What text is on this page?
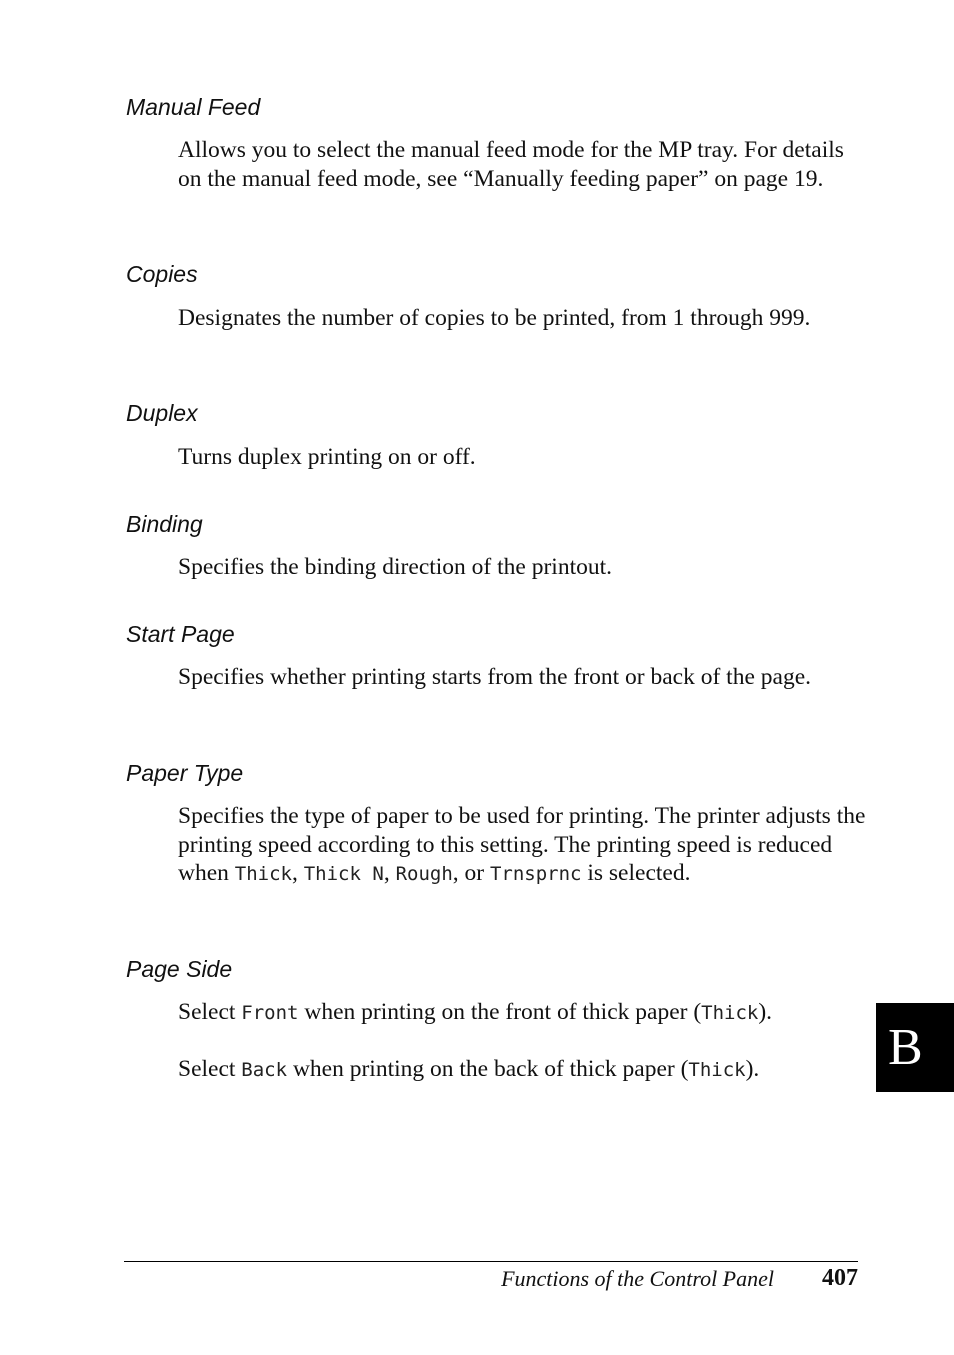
Manual Feed

Allows you to select the manual feed mode for the MP tray. For details on the manual feed mode, see “Manually feeding paper” on page 19.

Copies

Designates the number of copies to be printed, from 1 through 999.

Duplex

Turns duplex printing on or off.

Binding

Specifies the binding direction of the printout.

Start Page

Specifies whether printing starts from the front or back of the page.

Paper Type

Specifies the type of paper to be used for printing. The printer adjusts the printing speed according to this setting. The printing speed is reduced when Thick, Thick N, Rough, or Trnsprnc is selected.

Page Side

Select Front when printing on the front of thick paper (Thick).

Select Back when printing on the back of thick paper (Thick).	B
Functions of the Control Panel 407
